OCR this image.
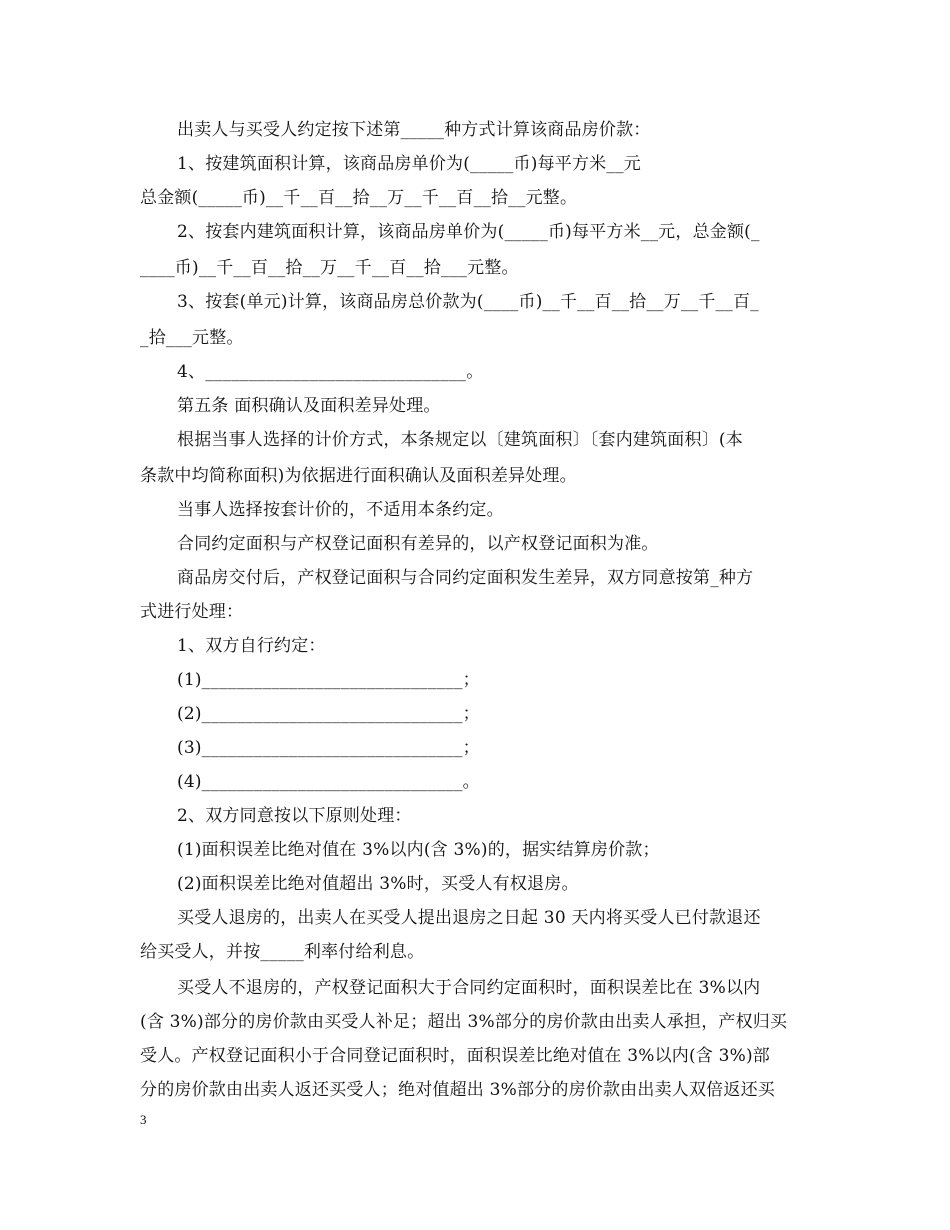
出卖人与买受人约定按下述第_____种方式计算该商品房价款：
1、按建筑面积计算，该商品房单价为(_____币)每平方米__元
总金额(_____币)__千__百__拾__万__千__百__拾__元整。
2、按套内建筑面积计算，该商品房单价为(_____币)每平方米__元，总金额(_
____币)__千__百__拾__万__千__百__拾___元整。
3、按套(单元)计算，该商品房总价款为(____币)__千__百__拾__万__千__百_
_拾___元整。
4、______________________________。
第五条 面积确认及面积差异处理。
根据当事人选择的计价方式，本条规定以〔建筑面积〕〔套内建筑面积〕(本
条款中均简称面积)为依据进行面积确认及面积差异处理。
当事人选择按套计价的，不适用本条约定。
合同约定面积与产权登记面积有差异的，以产权登记面积为准。
商品房交付后，产权登记面积与合同约定面积发生差异，双方同意按第_种方
式进行处理：
1、双方自行约定：
(1)______________________________；
(2)______________________________；
(3)______________________________；
(4)______________________________。
2、双方同意按以下原则处理：
(1)面积误差比绝对值在 3%以内(含 3%)的，据实结算房价款；
(2)面积误差比绝对值超出 3%时，买受人有权退房。
买受人退房的，出卖人在买受人提出退房之日起 30 天内将买受人已付款退还
给买受人，并按_____利率付给利息。
买受人不退房的，产权登记面积大于合同约定面积时，面积误差比在 3%以内
(含 3%)部分的房价款由买受人补足；超出 3%部分的房价款由出卖人承担，产权归买
受人。产权登记面积小于合同登记面积时，面积误差比绝对值在 3%以内(含 3%)部
分的房价款由出卖人返还买受人；绝对值超出 3%部分的房价款由出卖人双倍返还买
3
